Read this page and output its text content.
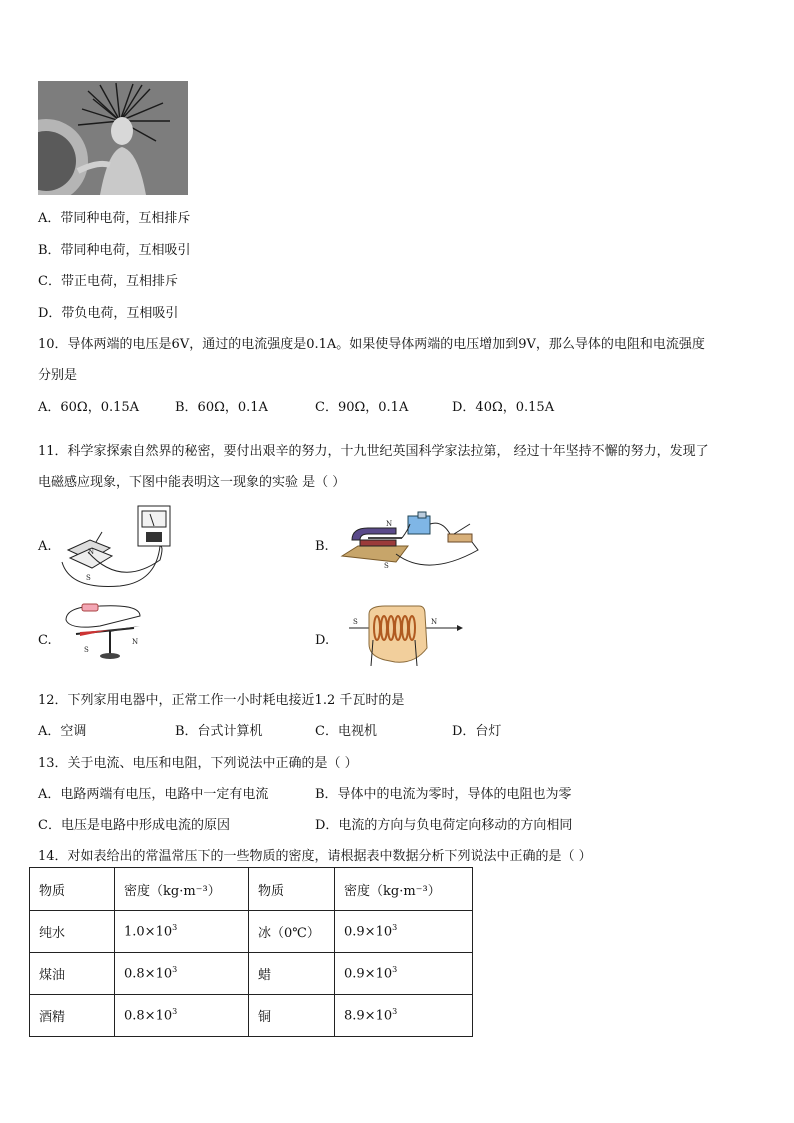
A．带同种电荷，互相排斥
B．带同种电荷，互相吸引
C．带正电荷，互相排斥
D．带负电荷，互相吸引
10．导体两端的电压是6V，通过的电流强度是0.1A。如果使导体两端的电压增加到9V，那么导体的电阻和电流强度
分别是
A．60Ω，0.15A	B．60Ω，0.1A	C．90Ω，0.1A	D．40Ω，0.15A
11．科学家探索自然界的秘密，要付出艰辛的努力，十九世纪英国科学家法拉第， 经过十年坚持不懈的努力，发现了
电磁感应现象，下图中能表明这一现象的实验 是（ ）
A.	B.
C.	D.
N
S
N
S
S
N
S	N
12．下列家用电器中，正常工作一小时耗电接近1.2 千瓦时的是
A．空调	B．台式计算机	C．电视机	D．台灯
13．关于电流、电压和电阻，下列说法中正确的是（ ）
A．电路两端有电压，电路中一定有电流	B．导体中的电流为零时，导体的电阻也为零
C．电压是电路中形成电流的原因	D．电流的方向与负电荷定向移动的方向相同
14．对如表给出的常温常压下的一些物质的密度，请根据表中数据分析下列说法中正确的是（ ）
物质	密度（kg·m⁻³）	物质	密度（kg·m⁻³）
纯水	$1.0\times 10^3$	冰（0℃）	$0.9\times 10^3$
煤油	$0.8\times 10^3$	蜡	$0.9\times 10^3$
酒精	$0.8\times 10^3$	铜	$8.9\times 10^3$
